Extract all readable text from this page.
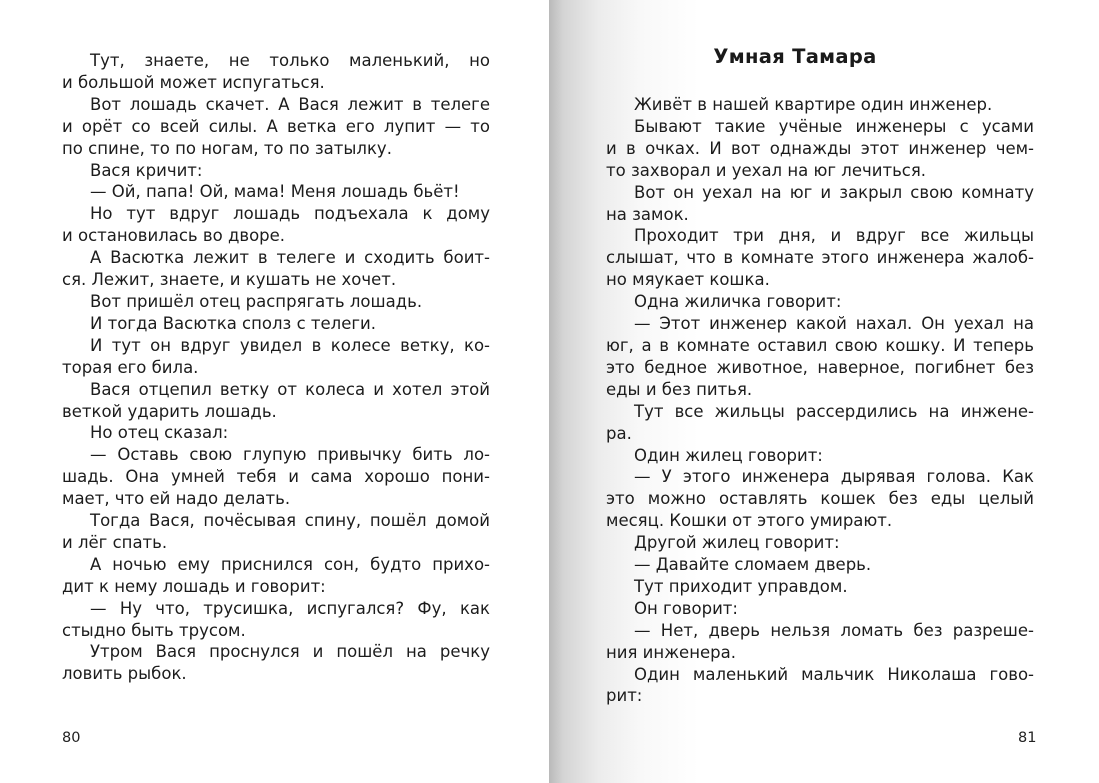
Тут, знаете, не только маленький, но
и большой может испугаться.
Вот лошадь скачет. А Вася лежит в телеге
и орёт со всей силы. А ветка его лупит — то
по спине, то по ногам, то по затылку.
Вася кричит:
— Ой, папа! Ой, мама! Меня лошадь бьёт!
Но тут вдруг лошадь подъехала к дому
и остановилась во дворе.
А Васютка лежит в телеге и сходить боит-
ся. Лежит, знаете, и кушать не хочет.
Вот пришёл отец распрягать лошадь.
И тогда Васютка сполз с телеги.
И тут он вдруг увидел в колесе ветку, ко-
торая его била.
Вася отцепил ветку от колеса и хотел этой
веткой ударить лошадь.
Но отец сказал:
— Оставь свою глупую привычку бить ло-
шадь. Она умней тебя и сама хорошо пони-
мает, что ей надо делать.
Тогда Вася, почёсывая спину, пошёл домой
и лёг спать.
А ночью ему приснился сон, будто прихо-
дит к нему лошадь и говорит:
— Ну что, трусишка, испугался? Фу, как
стыдно быть трусом.
Утром Вася проснулся и пошёл на речку
ловить рыбок.
80
Умная Тамара
Живёт в нашей квартире один инженер.
Бывают такие учёные инженеры с усами
и в очках. И вот однажды этот инженер чем-
то захворал и уехал на юг лечиться.
Вот он уехал на юг и закрыл свою комнату
на замок.
Проходит три дня, и вдруг все жильцы
слышат, что в комнате этого инженера жалоб-
но мяукает кошка.
Одна жиличка говорит:
— Этот инженер какой нахал. Он уехал на
юг, а в комнате оставил свою кошку. И теперь
это бедное животное, наверное, погибнет без
еды и без питья.
Тут все жильцы рассердились на инжене-
ра.
Один жилец говорит:
— У этого инженера дырявая голова. Как
это можно оставлять кошек без еды целый
месяц. Кошки от этого умирают.
Другой жилец говорит:
— Давайте сломаем дверь.
Тут приходит управдом.
Он говорит:
— Нет, дверь нельзя ломать без разреше-
ния инженера.
Один маленький мальчик Николаша гово-
рит:
81
